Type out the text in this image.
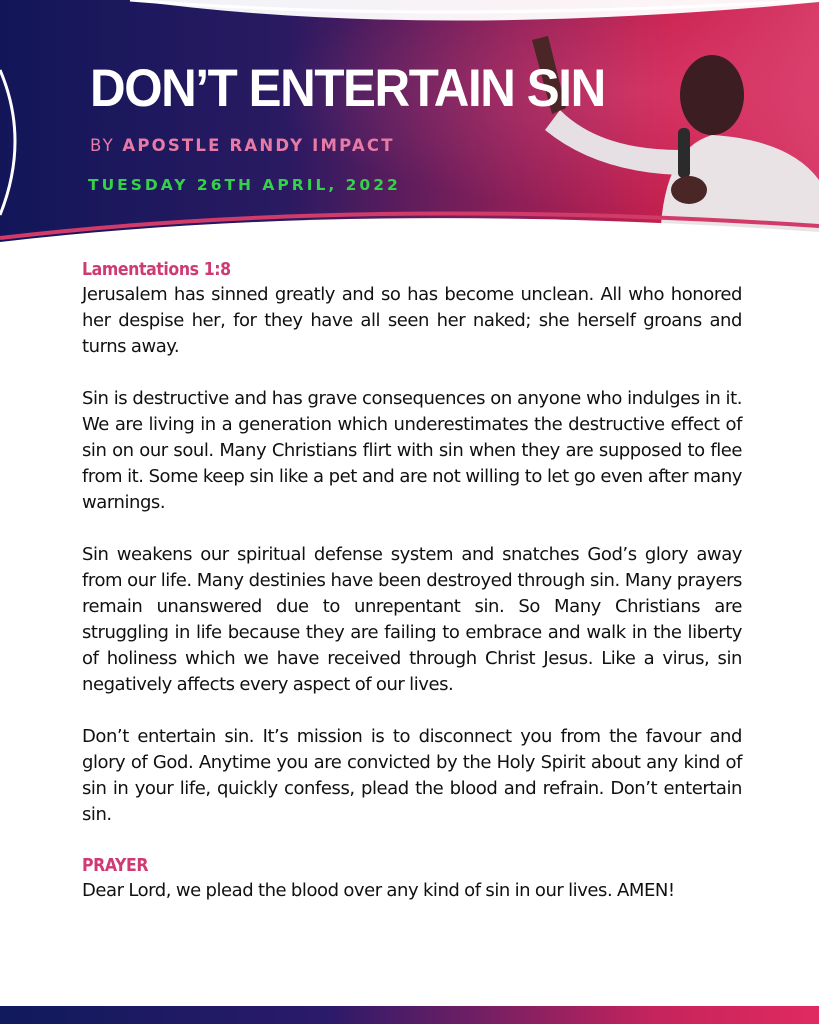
DON’T ENTERTAIN SIN
BY APOSTLE RANDY IMPACT
TUESDAY 26TH APRIL, 2022
Lamentations 1:8

Jerusalem has sinned greatly and so has become unclean. All who honored her despise her, for they have all seen her naked; she herself groans and turns away.

Sin is destructive and has grave consequences on anyone who indulges in it. We are living in a generation which underestimates the destructive effect of sin on our soul. Many Christians flirt with sin when they are supposed to flee from it. Some keep sin like a pet and are not willing to let go even after many warnings.

Sin weakens our spiritual defense system and snatches God’s glory away from our life. Many destinies have been destroyed through sin. Many prayers remain unanswered due to unrepentant sin. So Many Christians are struggling in life because they are failing to embrace and walk in the liberty of holiness which we have received through Christ Jesus. Like a virus, sin negatively affects every aspect of our lives.

Don’t entertain sin. It’s mission is to disconnect you from the favour and glory of God. Anytime you are convicted by the Holy Spirit about any kind of sin in your life, quickly confess, plead the blood and refrain. Don’t entertain sin.

PRAYER

Dear Lord, we plead the blood over any kind of sin in our lives. AMEN!
